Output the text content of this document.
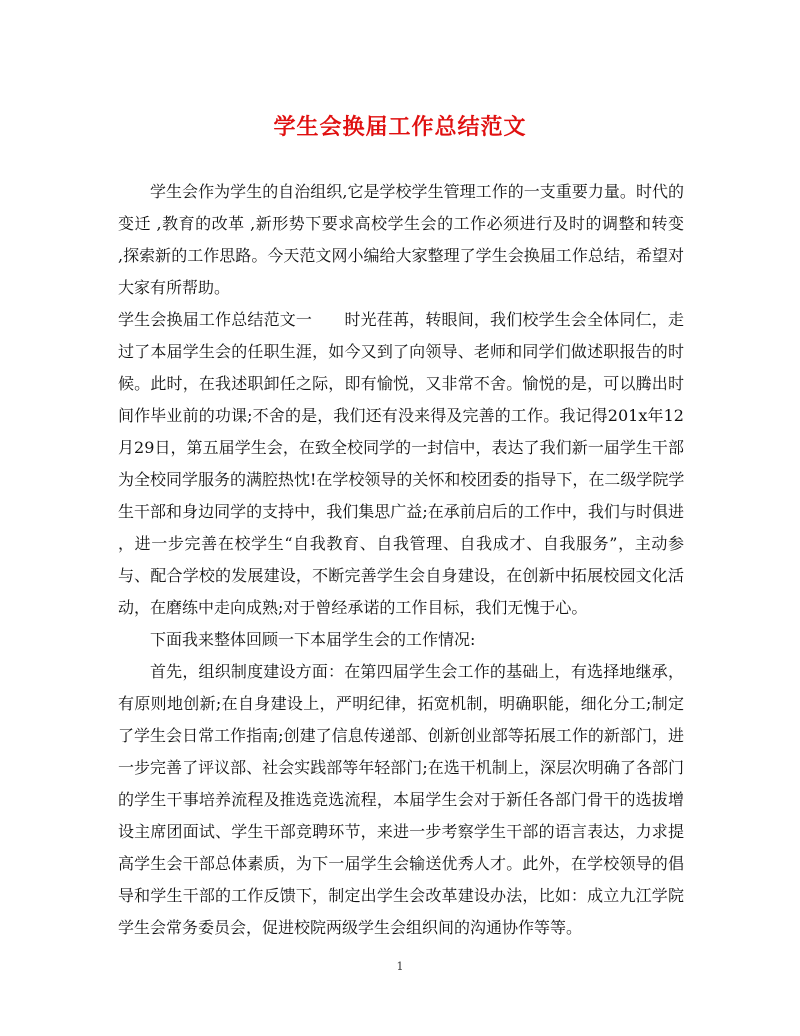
学生会换届工作总结范文
学生会作为学生的自治组织,它是学校学生管理工作的一支重要力量。时代的
变迁 ,教育的改革 ,新形势下要求高校学生会的工作必须进行及时的调整和转变
,探索新的工作思路。今天范文网小编给大家整理了学生会换届工作总结，希望对
大家有所帮助。
学生会换届工作总结范文一　　时光荏苒，转眼间，我们校学生会全体同仁，走
过了本届学生会的任职生涯，如今又到了向领导、老师和同学们做述职报告的时
候。此时，在我述职卸任之际，即有愉悦，又非常不舍。愉悦的是，可以腾出时
间作毕业前的功课;不舍的是，我们还有没来得及完善的工作。我记得201x年12
月29日，第五届学生会，在致全校同学的一封信中，表达了我们新一届学生干部
为全校同学服务的满腔热忱!在学校领导的关怀和校团委的指导下，在二级学院学
生干部和身边同学的支持中，我们集思广益;在承前启后的工作中，我们与时俱进
，进一步完善在校学生“自我教育、自我管理、自我成才、自我服务”，主动参
与、配合学校的发展建设，不断完善学生会自身建设，在创新中拓展校园文化活
动，在磨练中走向成熟;对于曾经承诺的工作目标，我们无愧于心。
下面我来整体回顾一下本届学生会的工作情况:
首先，组织制度建设方面：在第四届学生会工作的基础上，有选择地继承，
有原则地创新;在自身建设上，严明纪律，拓宽机制，明确职能，细化分工;制定
了学生会日常工作指南;创建了信息传递部、创新创业部等拓展工作的新部门，进
一步完善了评议部、社会实践部等年轻部门;在选干机制上，深层次明确了各部门
的学生干事培养流程及推选竞选流程，本届学生会对于新任各部门骨干的选拔增
设主席团面试、学生干部竞聘环节，来进一步考察学生干部的语言表达，力求提
高学生会干部总体素质，为下一届学生会输送优秀人才。此外，在学校领导的倡
导和学生干部的工作反馈下，制定出学生会改革建设办法，比如：成立九江学院
学生会常务委员会，促进校院两级学生会组织间的沟通协作等等。
1
